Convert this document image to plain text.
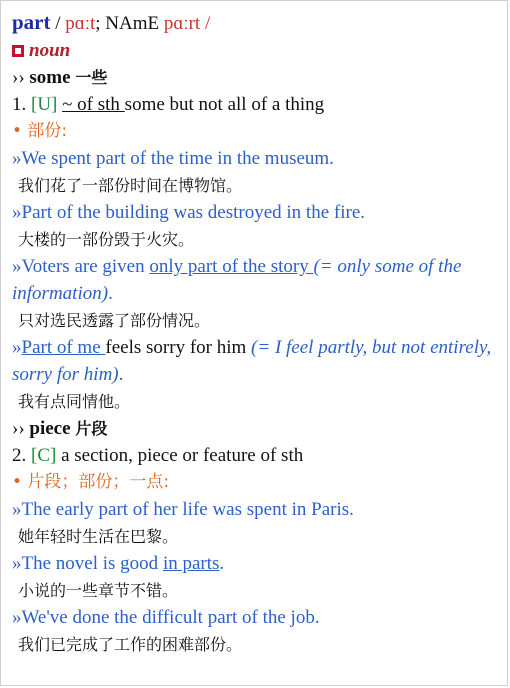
part / pɑːt; NAmE pɑːrt /
noun
›› some 一些
1. [U] ~ of sth some but not all of a thing
• 部份:
»We spent part of the time in the museum.
我们花了一部份时间在博物馆。
»Part of the building was destroyed in the fire.
大楼的一部份毁于火灾。
»Voters are given only part of the story (= only some of the information).
只对选民透露了部份情况。
»Part of me feels sorry for him (= I feel partly, but not entirely, sorry for him).
我有点同情他。
›› piece 片段
2. [C] a section, piece or feature of sth
• 片段；部份；一点:
»The early part of her life was spent in Paris.
她年轻时生活在巴黎。
»The novel is good in parts.
小说的一些章节不错。
»We've done the difficult part of the job.
我们已完成了工作的困难部份。
